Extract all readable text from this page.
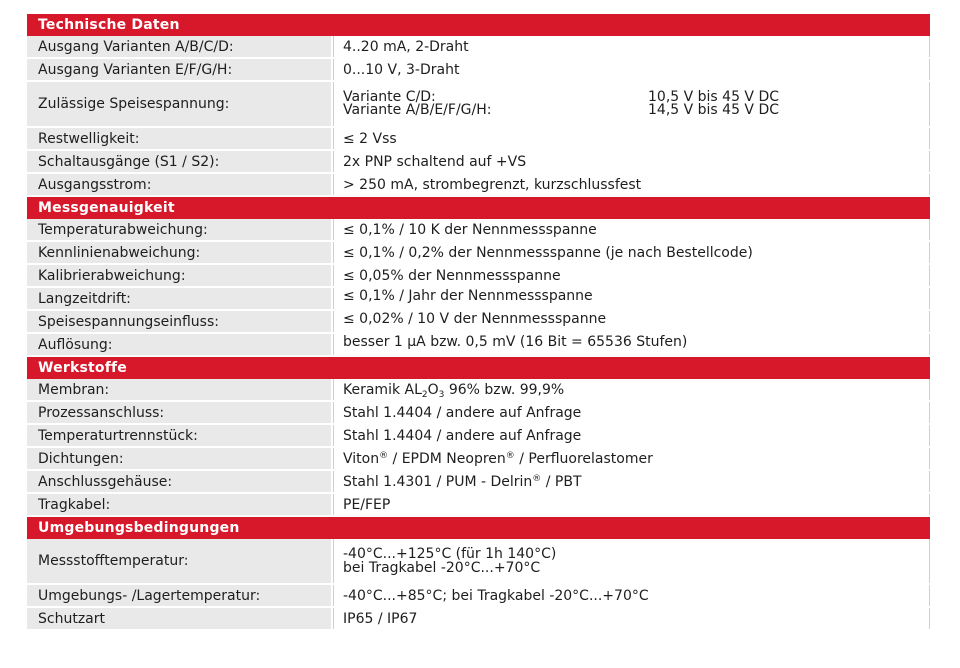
Technische Daten
Ausgang Varianten A/B/C/D:	4..20 mA, 2-Draht
Ausgang Varianten E/F/G/H:	0...10 V, 3-Draht
Zulässige Speisespannung:	Variante C/D:	10,5 V bis 45 V DC
Variante A/B/E/F/G/H:	14,5 V bis 45 V DC
Restwelligkeit:	≤ 2 Vss
Schaltausgänge (S1 / S2):	2x PNP schaltend auf +VS
Ausgangsstrom:	> 250 mA, strombegrenzt, kurzschlussfest
Messgenauigkeit
Temperaturabweichung:	≤ 0,1% / 10 K der Nennmessspanne
Kennlinienabweichung:	≤ 0,1% / 0,2% der Nennmessspanne (je nach Bestellcode)
Kalibrierabweichung:	≤ 0,05% der Nennmessspanne
Langzeitdrift:	≤ 0,1% / Jahr der Nennmessspanne
Speisespannungseinfluss:	≤ 0,02% / 10 V der Nennmessspanne
Auflösung:	besser 1 µA bzw. 0,5 mV (16 Bit = 65536 Stufen)
Werkstoffe
Membran:	Keramik $AL_2O_3$ 96% bzw. 99,9%
Prozessanschluss:	Stahl 1.4404 / andere auf Anfrage
Temperaturtrennstück:	Stahl 1.4404 / andere auf Anfrage
Dichtungen:	Viton® / EPDM Neopren® / Perfluorelastomer
Anschlussgehäuse:	Stahl 1.4301 / PUM - Delrin® / PBT
Tragkabel:	PE/FEP
Umgebungsbedingungen
Messstofftemperatur:	-40°C...+125°C (für 1h 140°C)
bei Tragkabel -20°C...+70°C
Umgebungs- /Lagertemperatur:	-40°C...+85°C; bei Tragkabel -20°C...+70°C
Schutzart	IP65 / IP67
